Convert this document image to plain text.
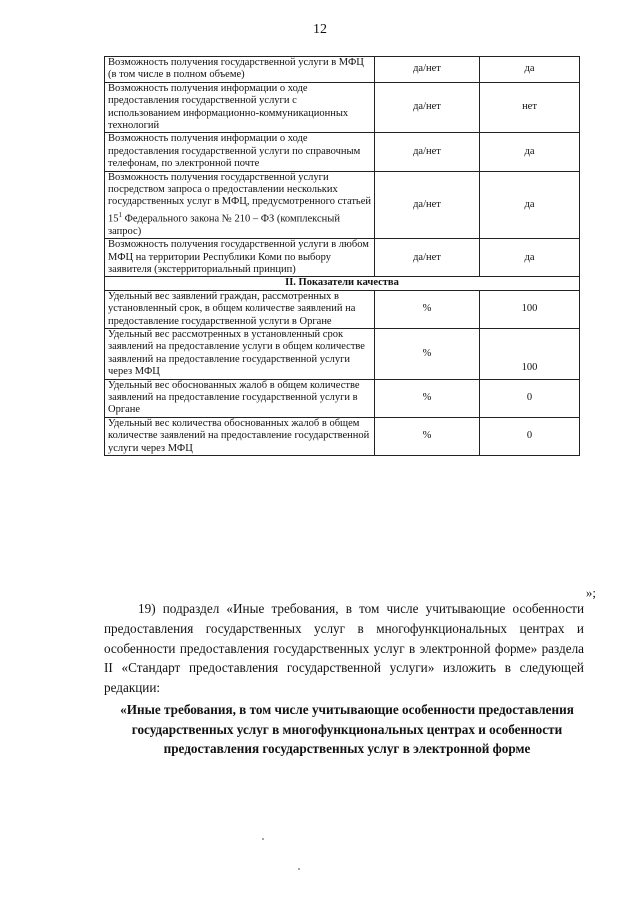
12
Возможность получения государственной услуги в МФЦ (в том числе в полном объеме)	да/нет	да
Возможность получения информации о ходе предоставления государственной услуги с использованием информационно-коммуникационных технологий	да/нет	нет
Возможность получения информации о ходе предоставления государственной услуги по справочным телефонам, по электронной почте	да/нет	да
Возможность получения государственной услуги посредством запроса о предоставлении нескольких государственных услуг в МФЦ, предусмотренного статьей $15^1$ Федерального закона № 210 – ФЗ (комплексный запрос)	да/нет	да
Возможность получения государственной услуги в любом МФЦ на территории Республики Коми по выбору заявителя (экстерриториальный принцип)	да/нет	да
II. Показатели качества		
Удельный вес заявлений граждан, рассмотренных в установленный срок, в общем количестве заявлений на предоставление государственной услуги в Органе	%	100
Удельный вес рассмотренных в установленный срок заявлений на предоставление услуги в общем количестве заявлений на предоставление государственной услуги через МФЦ	%	100
Удельный вес обоснованных жалоб в общем количестве заявлений на предоставление государственной услуги в Органе	%	0
Удельный вес количества обоснованных жалоб в общем количестве заявлений на предоставление государственной услуги через МФЦ	%	0
»;
19) подраздел «Иные требования, в том числе учитывающие особенности предоставления государственных услуг в многофункциональных центрах и особенности предоставления государственных услуг в электронной форме» раздела II «Стандарт предоставления государственной услуги» изложить в следующей редакции:
«Иные требования, в том числе учитывающие особенности предоставления государственных услуг в многофункциональных центрах и особенности предоставления государственных услуг в электронной форме
